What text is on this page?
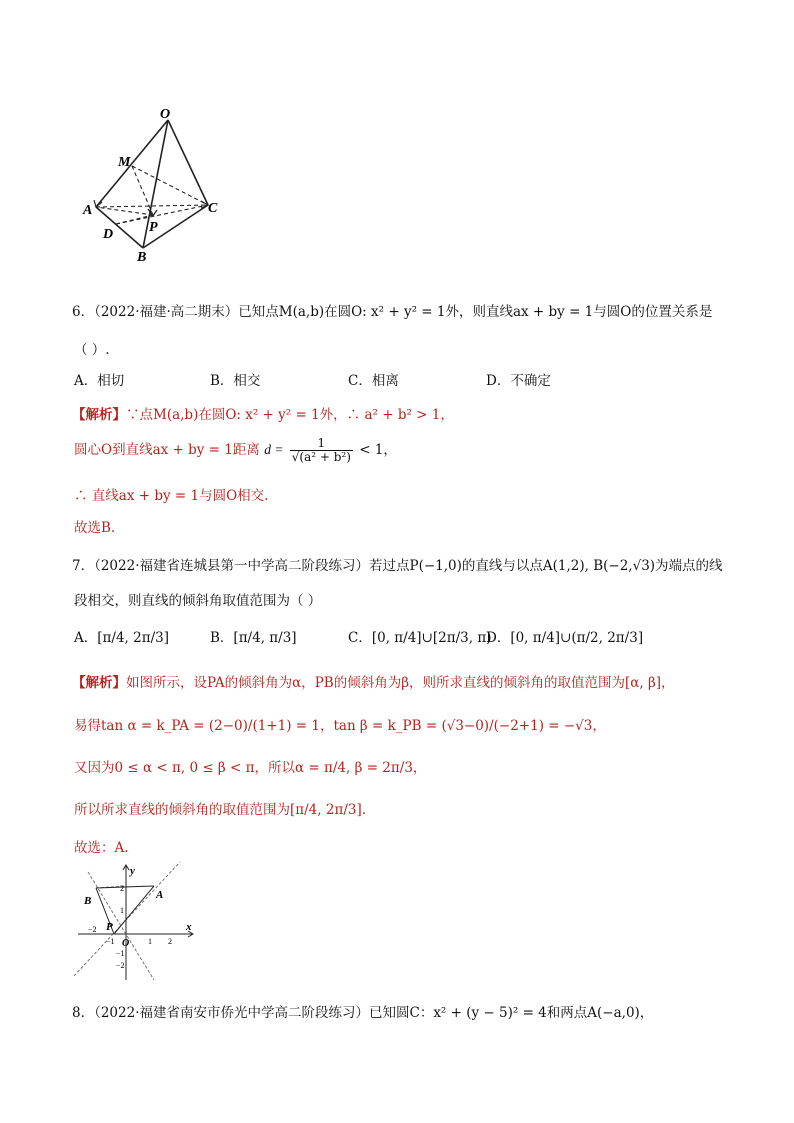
O
M
A	C
D	P
B
6．（2022·福建·高二期末）已知点M(a,b)在圆O: x² + y² = 1外，则直线ax + by = 1与圆O的位置关系是
（ ）.
A．相切	B．相交	C．相离	D．不确定
【解析】∵点M(a,b)在圆O: x² + y² = 1外，∴ a² + b² > 1，
圆心O到直线ax + by = 1距离 $d = \frac{1}{\text{√(a² + b²)}} < 1$，
∴ 直线ax + by = 1与圆O相交.
故选B.
7．（2022·福建省连城县第一中学高二阶段练习）若过点P(−1,0)的直线与以点A(1,2), B(−2,√3)为端点的线
段相交，则直线的倾斜角取值范围为（ ）
A．[π/4, 2π/3]	B．[π/4, π/3]	C．[0, π/4]∪[2π/3, π)
D．[0, π/4]∪(π/2, 2π/3]
【解析】如图所示，设PA的倾斜角为α，PB的倾斜角为β，则所求直线的倾斜角的取值范围为[α, β]，
易得tan α = k_PA = (2−0)/(1+1) = 1，tan β = k_PB = (√3−0)/(−2+1) = −√3，
又因为0 ≤ α < π, 0 ≤ β < π，所以α = π/4, β = 2π/3，
所以所求直线的倾斜角的取值范围为[π/4, 2π/3].
故选：A.
y
x
A
B
P
O
−2
−1	1 2
2
1
−1
−2
8．（2022·福建省南安市侨光中学高二阶段练习）已知圆C：x² + (y − 5)² = 4和两点A(−a,0)，
